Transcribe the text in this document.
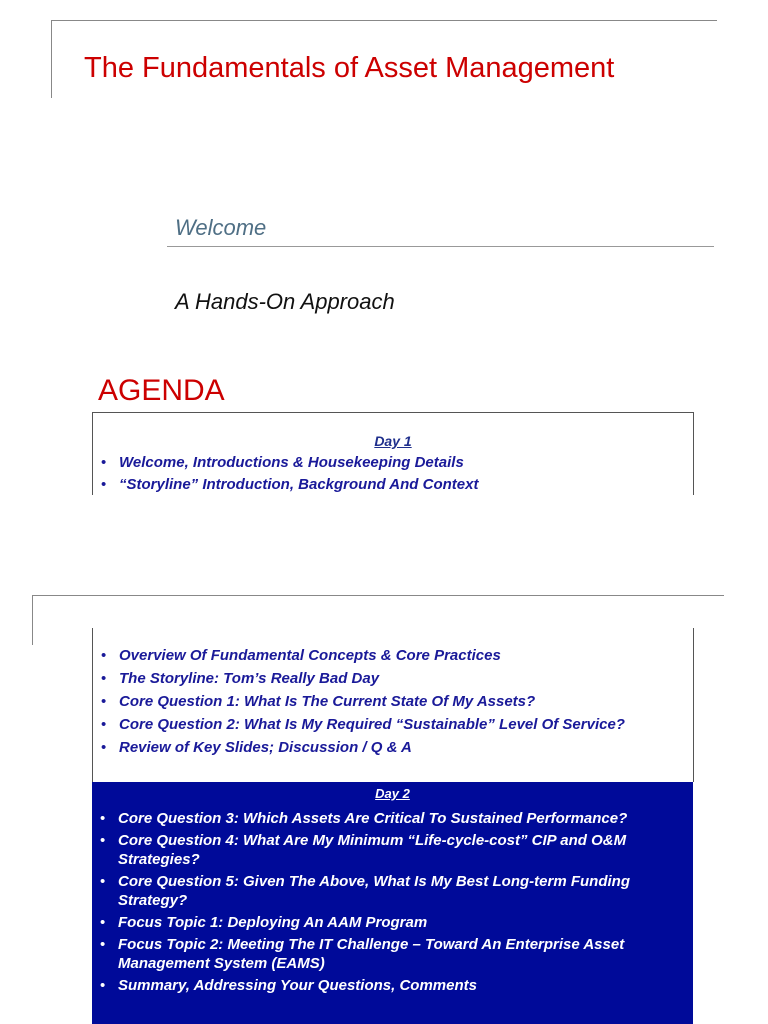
The Fundamentals of Asset Management
Welcome
A Hands-On Approach
AGENDA
Day 1
• Welcome, Introductions & Housekeeping Details
• “Storyline” Introduction, Background And Context
• Overview Of Fundamental Concepts & Core Practices
• The Storyline: Tom’s Really Bad Day
• Core Question 1: What Is The Current State Of My Assets?
• Core Question 2: What Is My Required “Sustainable” Level Of Service?
• Review of Key Slides; Discussion / Q & A
Day 2
• Core Question 3: Which Assets Are Critical To Sustained Performance?
• Core Question 4: What Are My Minimum “Life-cycle-cost” CIP and O&M Strategies?
• Core Question 5: Given The Above, What Is My Best Long-term Funding Strategy?
• Focus Topic 1: Deploying An AAM Program
• Focus Topic 2: Meeting The IT Challenge – Toward An Enterprise Asset Management System (EAMS)
• Summary, Addressing Your Questions, Comments
